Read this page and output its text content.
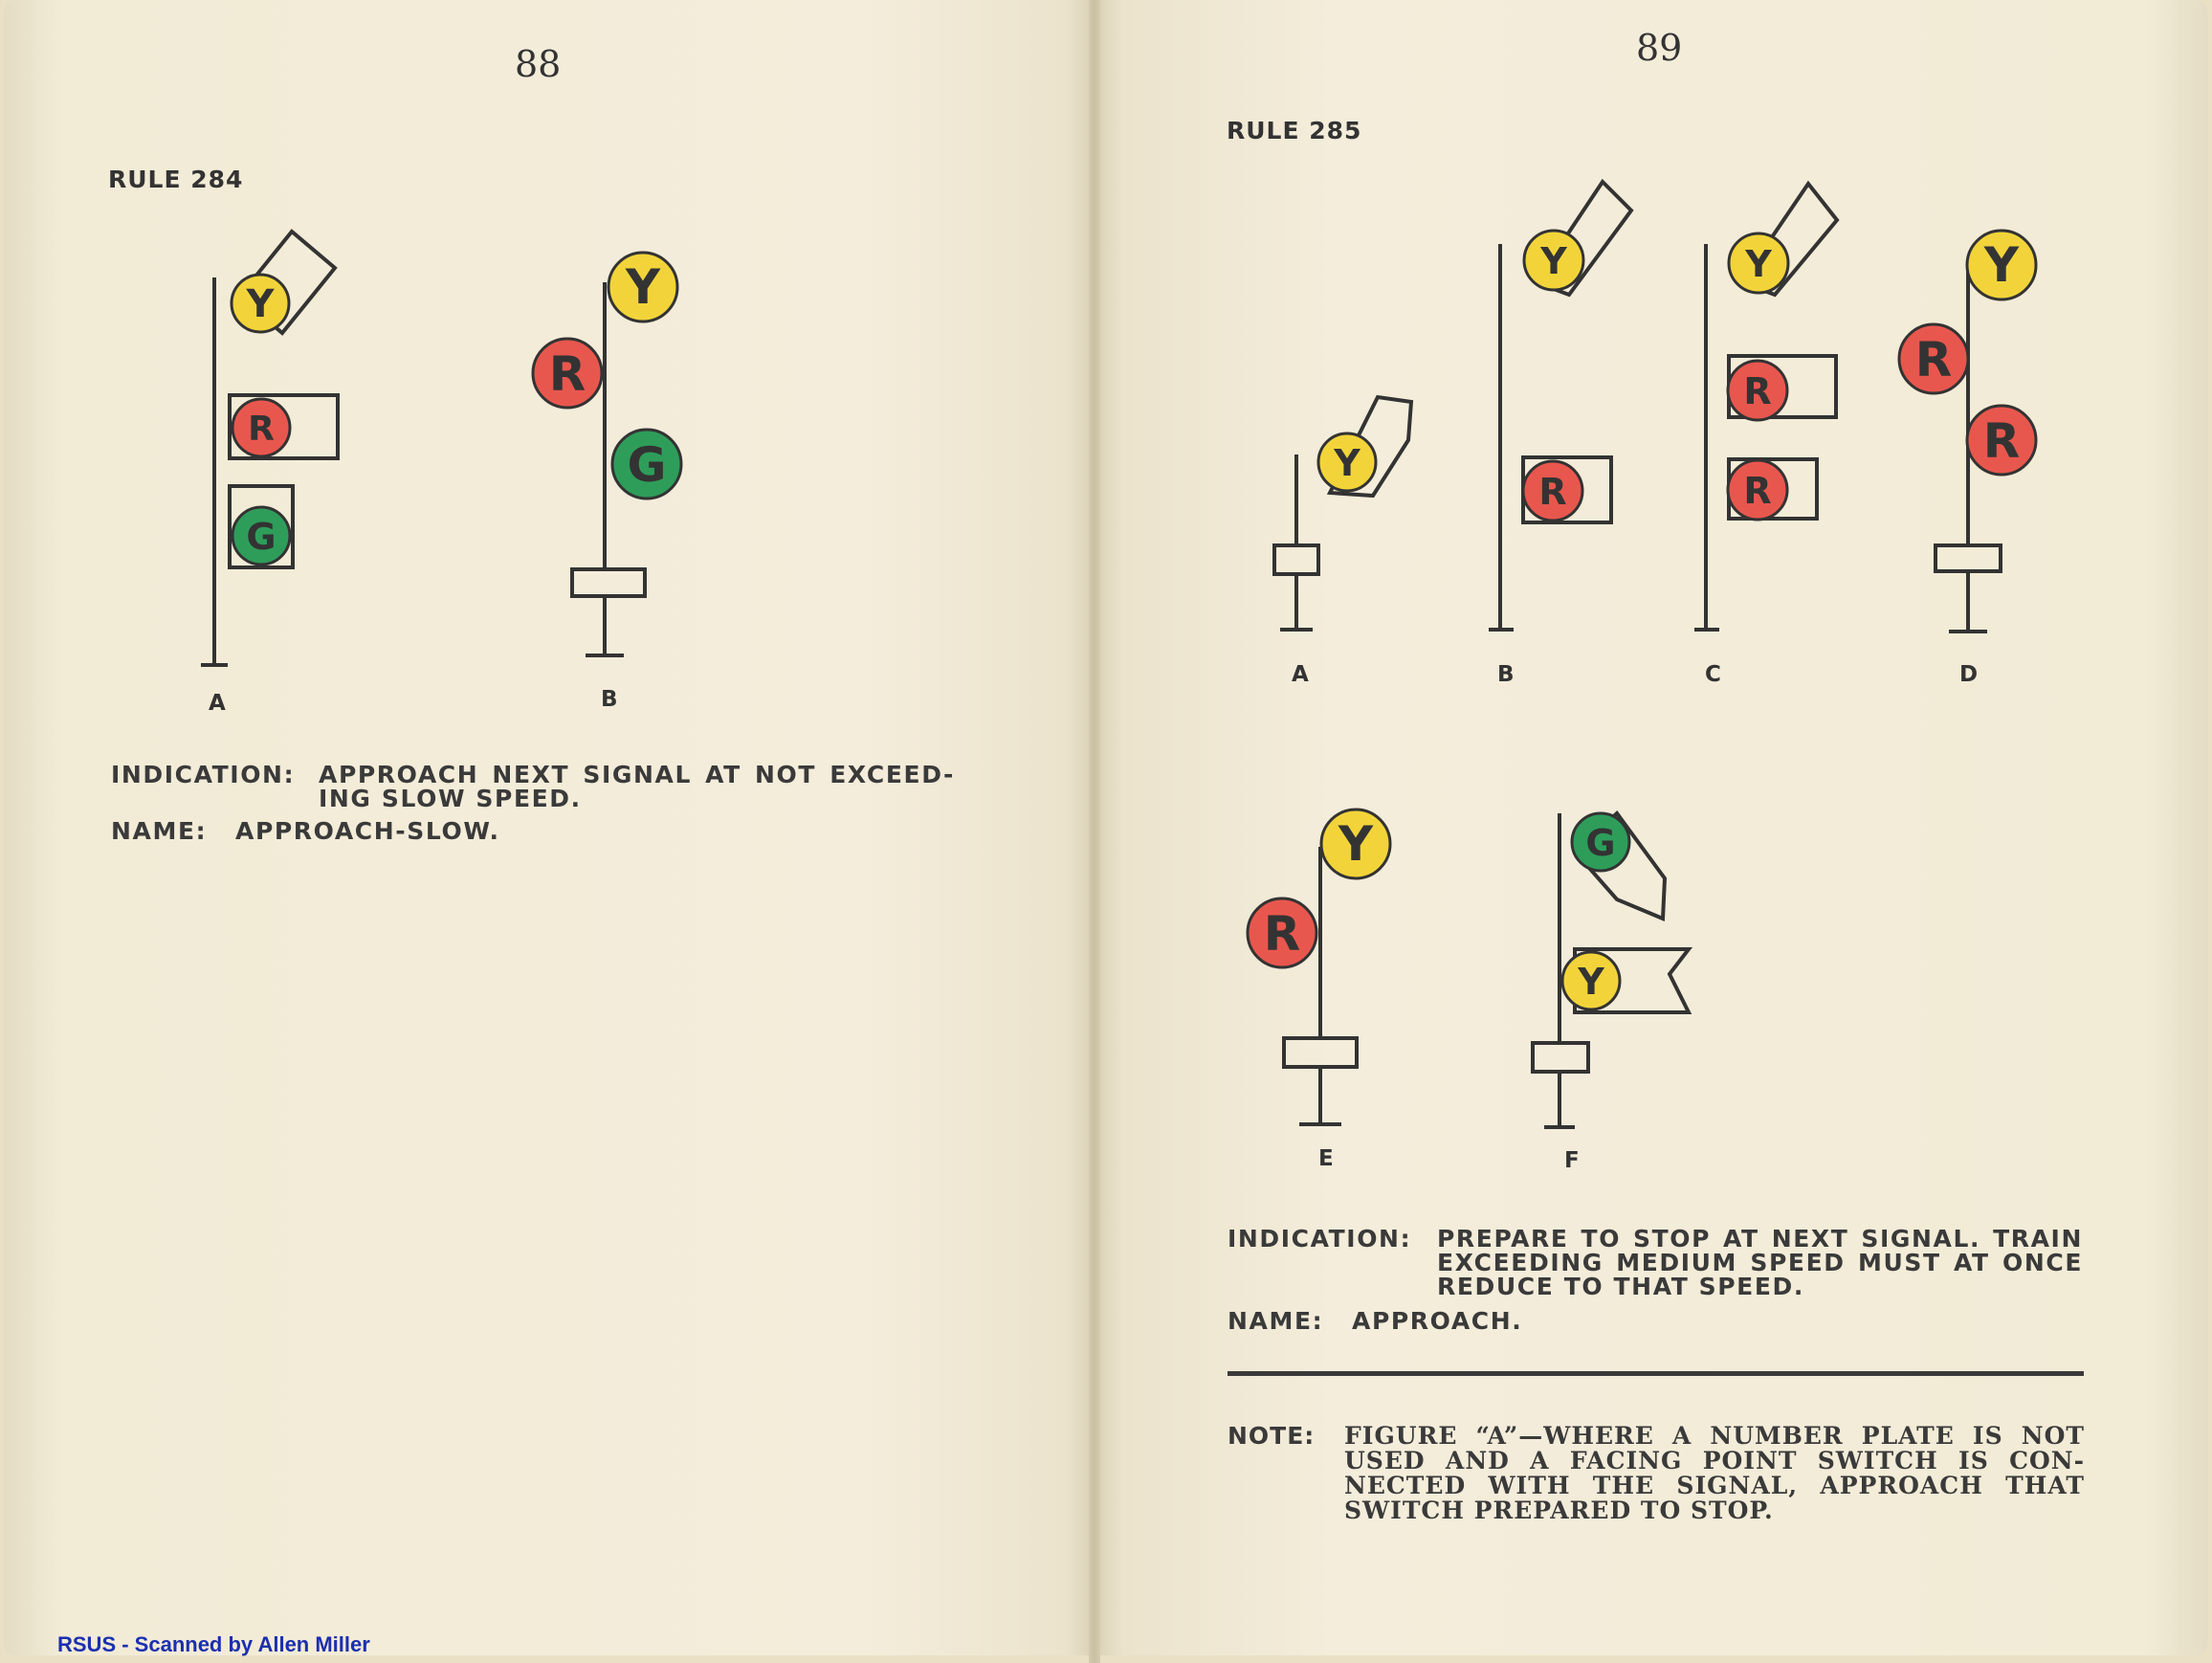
88
RULE 284
Y
R
G
A
Y
R
G
B
INDICATION: APPROACH NEXT SIGNAL AT NOT EXCEED-
ING SLOW SPEED.
NAME: APPROACH-SLOW.
89
RULE 285
Y
A
Y
R
B
Y
R
R
C
Y
R
R
D
Y
R
E
G
Y
F
INDICATION: PREPARE TO STOP AT NEXT SIGNAL. TRAIN
EXCEEDING MEDIUM SPEED MUST AT ONCE
REDUCE TO THAT SPEED.
NAME: APPROACH.
NOTE: FIGURE “A”—WHERE A NUMBER PLATE IS NOT
USED AND A FACING POINT SWITCH IS CON-
NECTED WITH THE SIGNAL, APPROACH THAT
SWITCH PREPARED TO STOP.
RSUS - Scanned by Allen Miller
